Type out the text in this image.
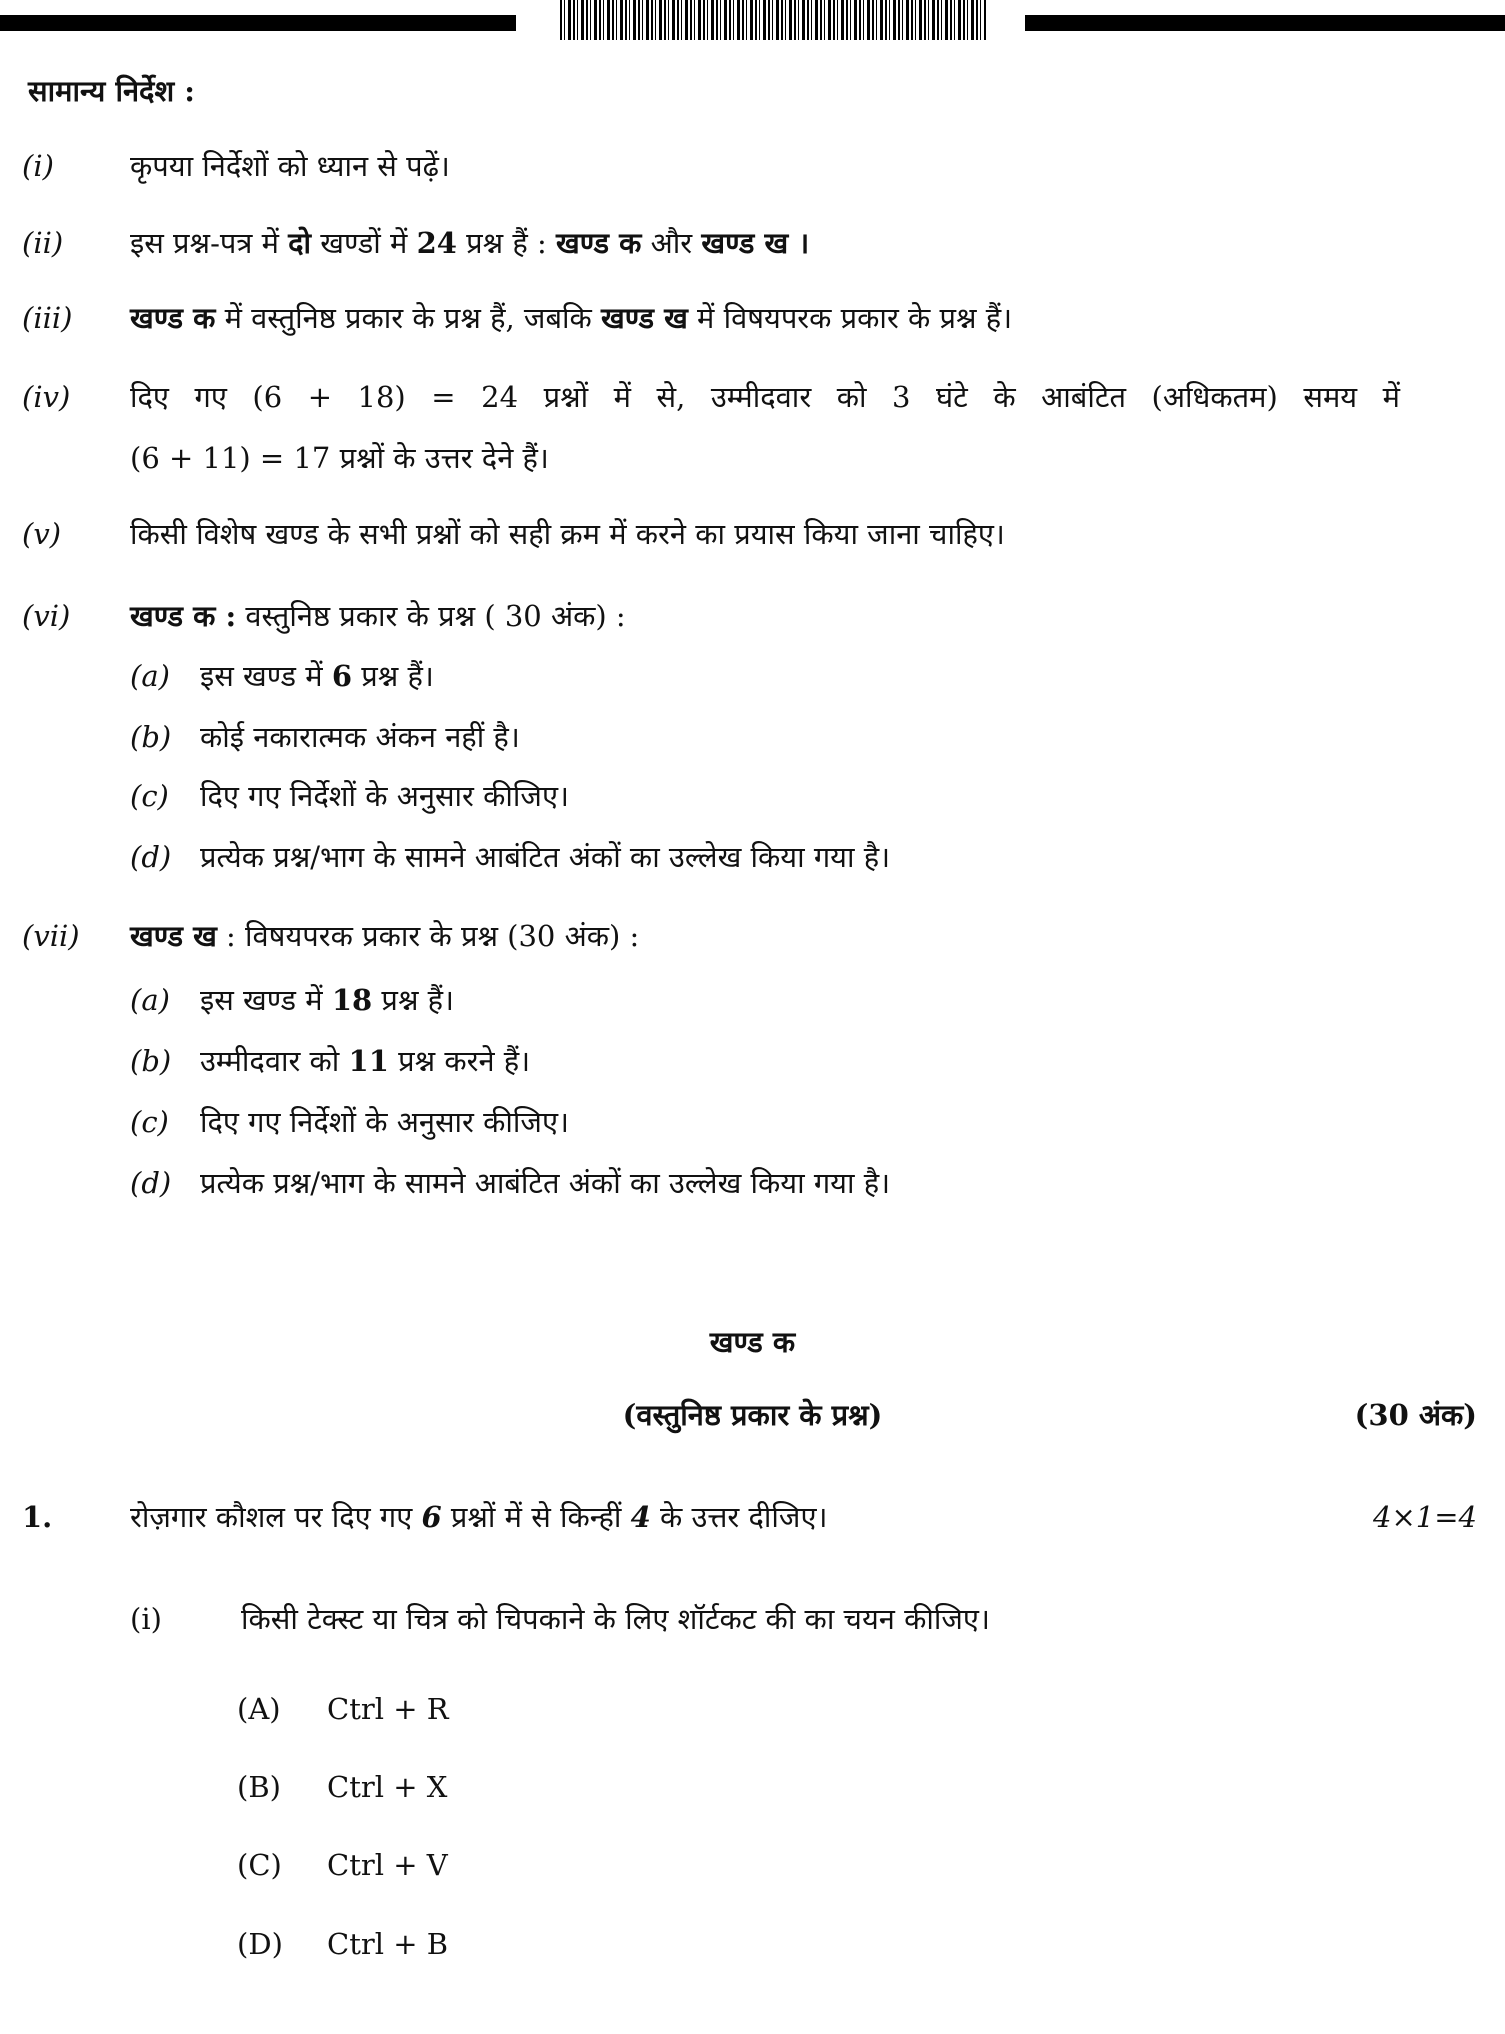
सामान्य निर्देश :
(i)	कृपया निर्देशों को ध्यान से पढ़ें।
(ii) इस प्रश्न-पत्र में दो खण्डों में 24 प्रश्न हैं : खण्ड क और खण्ड ख ।
(iii) खण्ड क में वस्तुनिष्ठ प्रकार के प्रश्न हैं, जबकि खण्ड ख में विषयपरक प्रकार के प्रश्न हैं।
(iv) दिए गए (6 + 18) = 24 प्रश्नों में से, उम्मीदवार को 3 घंटे के आबंटित (अधिकतम) समय में
(6 + 11) = 17 प्रश्नों के उत्तर देने हैं।
(v) किसी विशेष खण्ड के सभी प्रश्नों को सही क्रम में करने का प्रयास किया जाना चाहिए।
(vi) खण्ड क : वस्तुनिष्ठ प्रकार के प्रश्न ( 30 अंक) :
(a) इस खण्ड में 6 प्रश्न हैं।
(b) कोई नकारात्मक अंकन नहीं है।
(c) दिए गए निर्देशों के अनुसार कीजिए।
(d) प्रत्येक प्रश्न/भाग के सामने आबंटित अंकों का उल्लेख किया गया है।
(vii) खण्ड ख : विषयपरक प्रकार के प्रश्न (30 अंक) :
(a) इस खण्ड में 18 प्रश्न हैं।
(b) उम्मीदवार को 11 प्रश्न करने हैं।
(c) दिए गए निर्देशों के अनुसार कीजिए।
(d) प्रत्येक प्रश्न/भाग के सामने आबंटित अंकों का उल्लेख किया गया है।
खण्ड क
(वस्तुनिष्ठ प्रकार के प्रश्न)	(30 अंक)
1.	रोज़गार कौशल पर दिए गए 6 प्रश्नों में से किन्हीं 4 के उत्तर दीजिए।	4×1=4
(i)	किसी टेक्स्ट या चित्र को चिपकाने के लिए शॉर्टकट की का चयन कीजिए।
(A) Ctrl + R
(B) Ctrl + X
(C) Ctrl + V
(D) Ctrl + B
